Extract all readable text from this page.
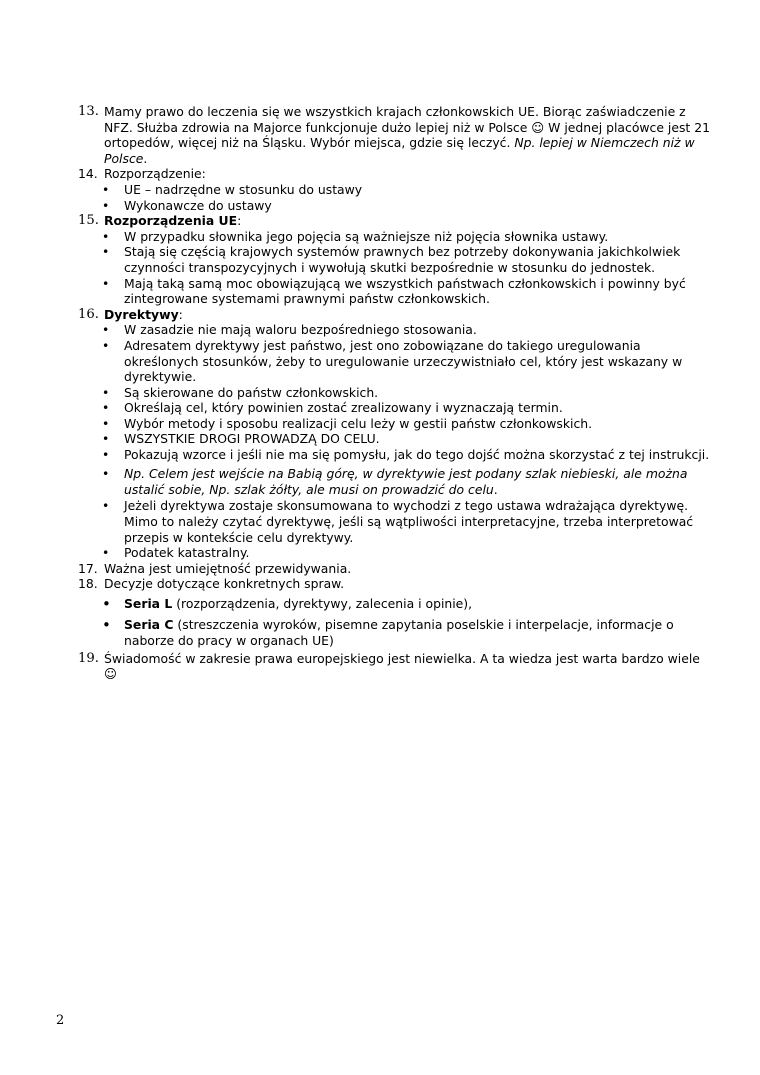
13. Mamy prawo do leczenia się we wszystkich krajach członkowskich UE. Biorąc zaświadczenie z NFZ. Służba zdrowia na Majorce funkcjonuje dużo lepiej niż w Polsce ☺ W jednej placówce jest 21 ortopedów, więcej niż na Śląsku. Wybór miejsca, gdzie się leczyć. Np. lepiej w Niemczech niż w Polsce.
14. Rozporządzenie:
• UE – nadrzędne w stosunku do ustawy
• Wykonawcze do ustawy
15. Rozporządzenia UE:
• W przypadku słownika jego pojęcia są ważniejsze niż pojęcia słownika ustawy.
• Stają się częścią krajowych systemów prawnych bez potrzeby dokonywania jakichkolwiek czynności transpozycyjnych i wywołują skutki bezpośrednie w stosunku do jednostek.
• Mają taką samą moc obowiązującą we wszystkich państwach członkowskich i powinny być zintegrowane systemami prawnymi państw członkowskich.
16. Dyrektywy:
• W zasadzie nie mają waloru bezpośredniego stosowania.
• Adresatem dyrektywy jest państwo, jest ono zobowiązane do takiego uregulowania określonych stosunków, żeby to uregulowanie urzeczywistniało cel, który jest wskazany w dyrektywie.
• Są skierowane do państw członkowskich.
• Określają cel, który powinien zostać zrealizowany i wyznaczają termin.
• Wybór metody i sposobu realizacji celu leży w gestii państw członkowskich.
• WSZYSTKIE DROGI PROWADZĄ DO CELU.
• Pokazują wzorce i jeśli nie ma się pomysłu, jak do tego dojść można skorzystać z tej instrukcji.
• Np. Celem jest wejście na Babią górę, w dyrektywie jest podany szlak niebieski, ale można ustalić sobie, Np. szlak żółty, ale musi on prowadzić do celu.
• Jeżeli dyrektywa zostaje skonsumowana to wychodzi z tego ustawa wdrażająca dyrektywę. Mimo to należy czytać dyrektywę, jeśli są wątpliwości interpretacyjne, trzeba interpretować przepis w kontekście celu dyrektywy.
• Podatek katastralny.
17. Ważna jest umiejętność przewidywania.
18. Decyzje dotyczące konkretnych spraw.
• Seria L (rozporządzenia, dyrektywy, zalecenia i opinie),
• Seria C (streszczenia wyroków, pisemne zapytania poselskie i interpelacje, informacje o naborze do pracy w organach UE)
19. Świadomość w zakresie prawa europejskiego jest niewielka. A ta wiedza jest warta bardzo wiele ☺
2
